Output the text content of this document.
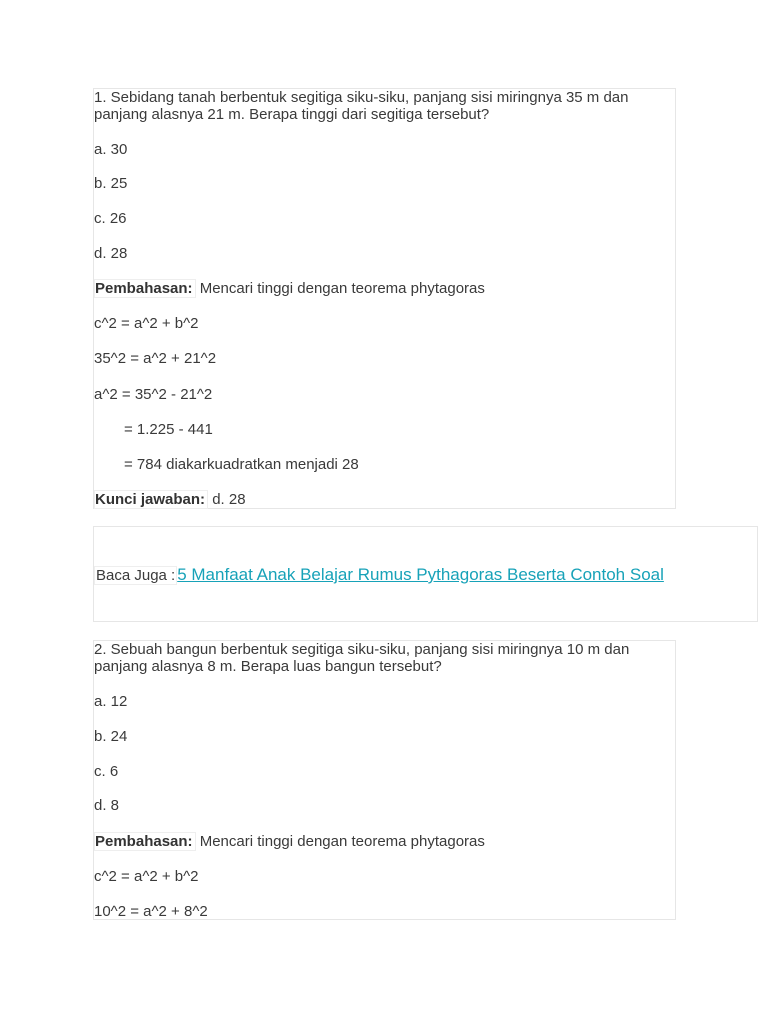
1. Sebidang tanah berbentuk segitiga siku-siku, panjang sisi miringnya 35 m dan panjang alasnya 21 m. Berapa tinggi dari segitiga tersebut?
a. 30
b. 25
c. 26
d. 28
Pembahasan: Mencari tinggi dengan teorema phytagoras
c^2 = a^2 + b^2
35^2 = a^2 + 21^2
a^2 = 35^2 - 21^2
= 1.225 - 441
= 784 diakarkuadratkan menjadi 28
Kunci jawaban: d. 28
Baca Juga : 5 Manfaat Anak Belajar Rumus Pythagoras Beserta Contoh Soal
2. Sebuah bangun berbentuk segitiga siku-siku, panjang sisi miringnya 10 m dan panjang alasnya 8 m. Berapa luas bangun tersebut?
a. 12
b. 24
c. 6
d. 8
Pembahasan: Mencari tinggi dengan teorema phytagoras
c^2 = a^2 + b^2
10^2 = a^2 + 8^2
